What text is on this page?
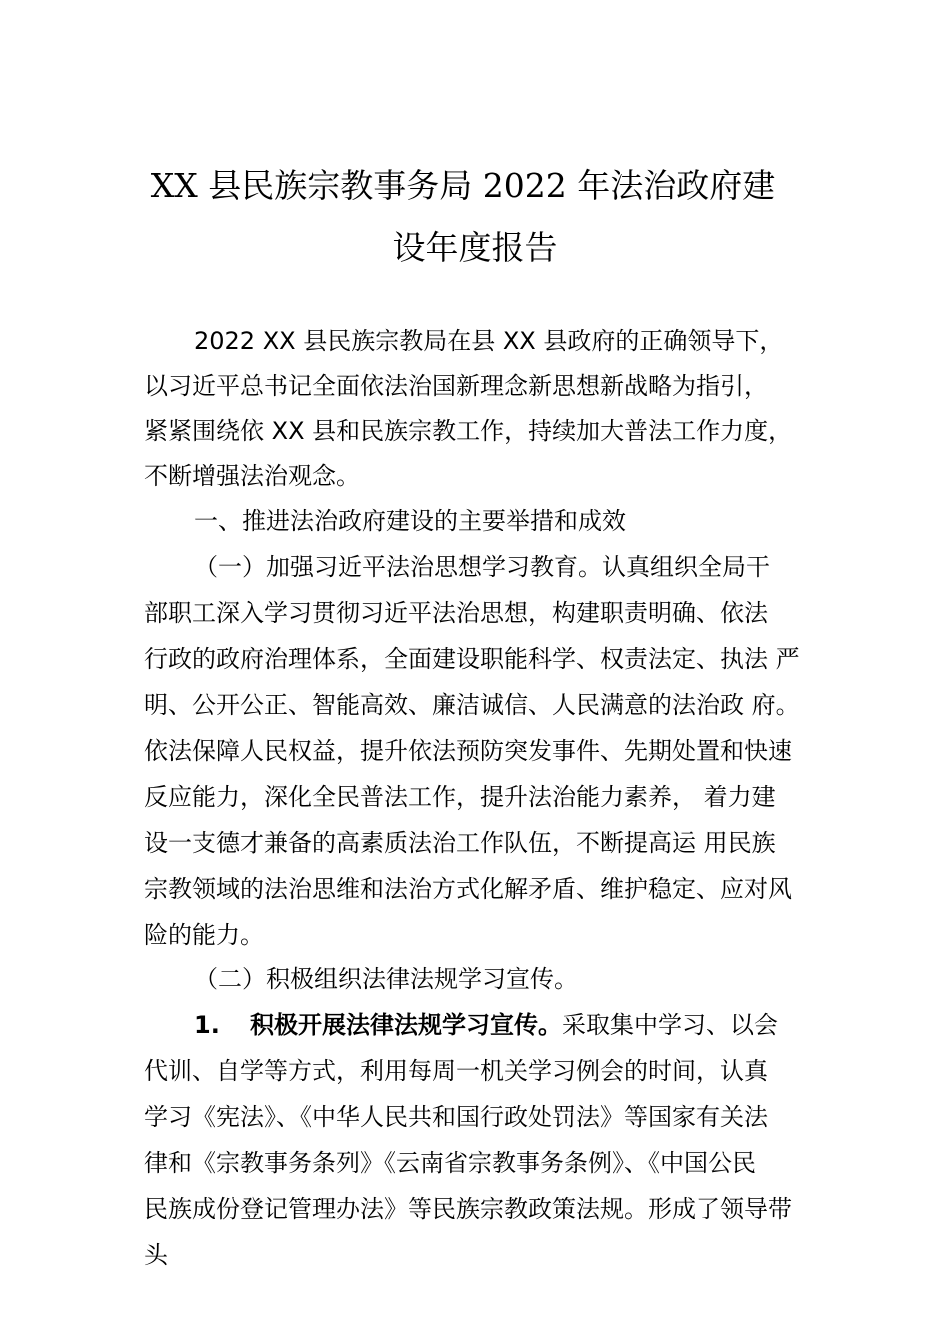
XX 县民族宗教事务局 2022 年法治政府建
设年度报告
2022 XX 县民族宗教局在县 XX 县政府的正确领导下，
以习近平总书记全面依法治国新理念新思想新战略为指引，
紧紧围绕依 XX 县和民族宗教工作，持续加大普法工作力度，
不断增强法治观念。
一、推进法治政府建设的主要举措和成效
（一）加强习近平法治思想学习教育。认真组织全局干
部职工深入学习贯彻习近平法治思想，构建职责明确、依法
行政的政府治理体系，全面建设职能科学、权责法定、执法 严
明、公开公正、智能高效、廉洁诚信、人民满意的法治政 府。
依法保障人民权益，提升依法预防突发事件、先期处置和快速
反应能力，深化全民普法工作，提升法治能力素养， 着力建
设一支德才兼备的高素质法治工作队伍，不断提高运 用民族
宗教领域的法治思维和法治方式化解矛盾、维护稳定、应对风
险的能力。
（二）积极组织法律法规学习宣传。
1. 积极开展法律法规学习宣传。采取集中学习、以会
代训、自学等方式，利用每周一机关学习例会的时间，认真
学习《宪法》、《中华人民共和国行政处罚法》等国家有关法
律和《宗教事务条列》《云南省宗教事务条例》、《中国公民
民族成份登记管理办法》等民族宗教政策法规。形成了领导带
头
